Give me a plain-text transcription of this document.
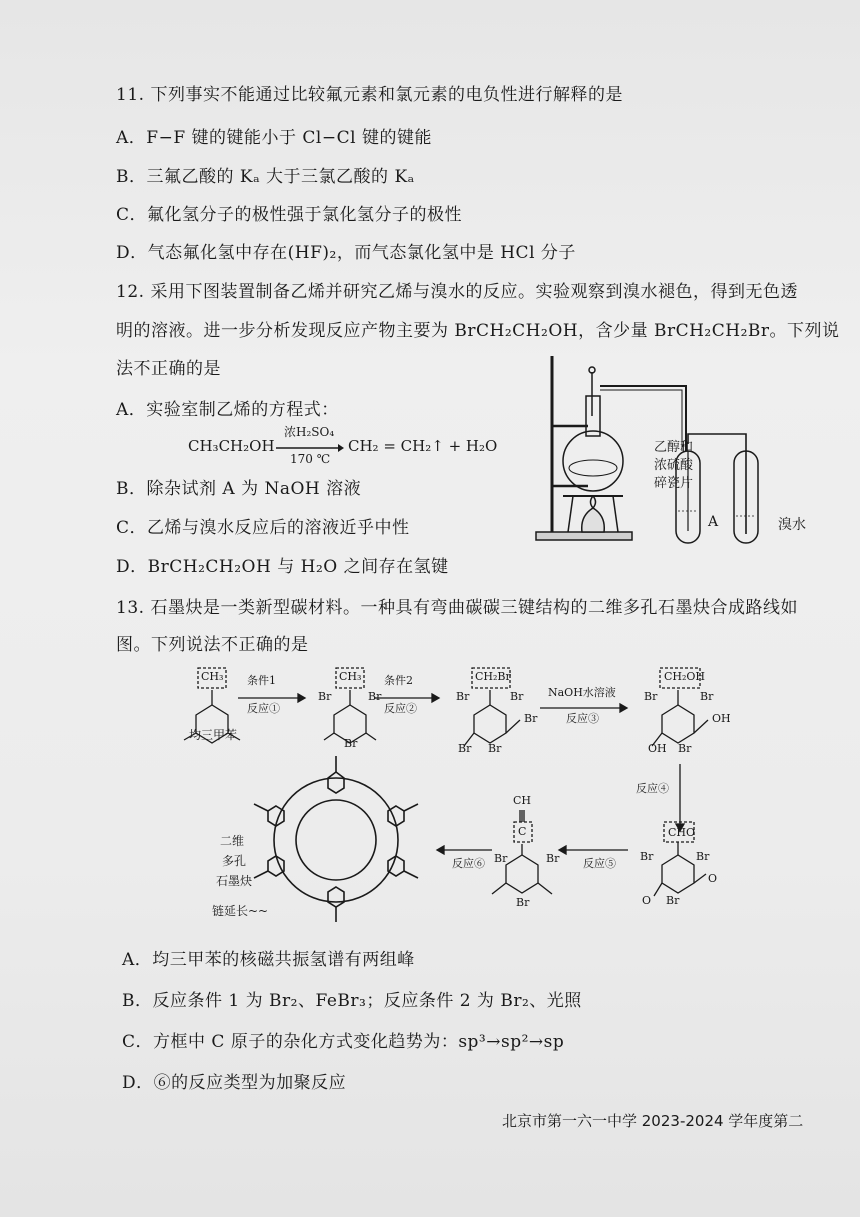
11. 下列事实不能通过比较氟元素和氯元素的电负性进行解释的是
A．F−F 键的键能小于 Cl−Cl 键的键能
B．三氟乙酸的 Kₐ 大于三氯乙酸的 Kₐ
C．氟化氢分子的极性强于氯化氢分子的极性
D．气态氟化氢中存在(HF)₂，而气态氯化氢中是 HCl 分子
12. 采用下图装置制备乙烯并研究乙烯与溴水的反应。实验观察到溴水褪色，得到无色透
明的溶液。进一步分析发现反应产物主要为 BrCH₂CH₂OH，含少量 BrCH₂CH₂Br。下列说
法不正确的是
A．实验室制乙烯的方程式：
CH₃CH₂OH
浓H₂SO₄
170 ℃
CH₂ = CH₂↑ + H₂O
B．除杂试剂 A 为 NaOH 溶液
C．乙烯与溴水反应后的溶液近乎中性
D．BrCH₂CH₂OH 与 H₂O 之间存在氢键
乙醇和
浓硫酸
碎瓷片
A	溴水
13. 石墨炔是一类新型碳材料。一种具有弯曲碳碳三键结构的二维多孔石墨炔合成路线如
图。下列说法不正确的是
均三甲苯
CH₃ 条件1
反应①
CH₃
Br	Br
Br
条件2
反应②
CH₂Br
Br	Br
Br
Br Br
NaOH水溶液
反应③
CH₂OH
Br	Br
OH
OH Br
反应④
CHO
Br	Br
O Br
O
反应⑤
CH
C
Br	Br
Br
反应⑥
二维
多孔
石墨炔
链延长~~
A．均三甲苯的核磁共振氢谱有两组峰
B．反应条件 1 为 Br₂、FeBr₃；反应条件 2 为 Br₂、光照
C．方框中 C 原子的杂化方式变化趋势为：sp³→sp²→sp
D．⑥的反应类型为加聚反应
北京市第一六一中学 2023-2024 学年度第二
